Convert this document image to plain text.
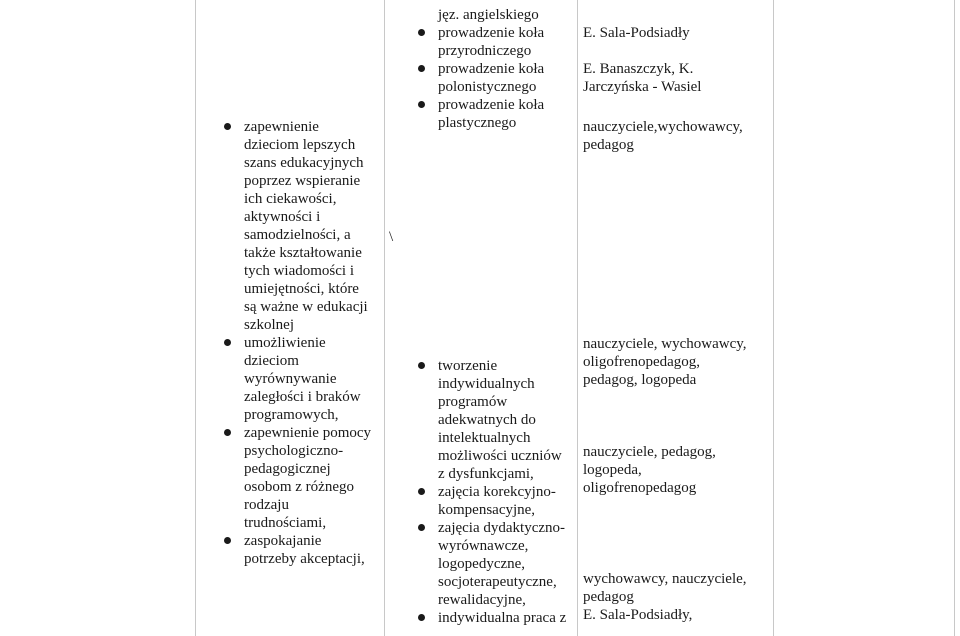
zapewnienie
dzieciom lepszych
szans edukacyjnych
poprzez wspieranie
ich ciekawości,
aktywności i
samodzielności, a
także kształtowanie
tych wiadomości i
umiejętności, które
są ważne w edukacji
szkolnej
umożliwienie
dzieciom
wyrównywanie
zaległości i braków
programowych,
zapewnienie pomocy
psychologiczno-
pedagogicznej
osobom z różnego
rodzaju
trudnościami,
zaspokajanie
potrzeby akceptacji,
\
jęz. angielskiego
prowadzenie koła
przyrodniczego
prowadzenie koła
polonistycznego
prowadzenie koła
plastycznego
tworzenie
indywidualnych
programów
adekwatnych do
intelektualnych
możliwości uczniów
z dysfunkcjami,
zajęcia korekcyjno-
kompensacyjne,
zajęcia dydaktyczno-
wyrównawcze,
logopedyczne,
socjoterapeutyczne,
rewalidacyjne,
indywidualna praca z
E. Sala-Podsiadły
E. Banaszczyk, K.
Jarczyńska - Wasiel
nauczyciele,wychowawcy,
pedagog
nauczyciele, wychowawcy,
oligofrenopedagog,
pedagog, logopeda
nauczyciele, pedagog,
logopeda,
oligofrenopedagog
wychowawcy, nauczyciele,
pedagog
E. Sala-Podsiadły,
